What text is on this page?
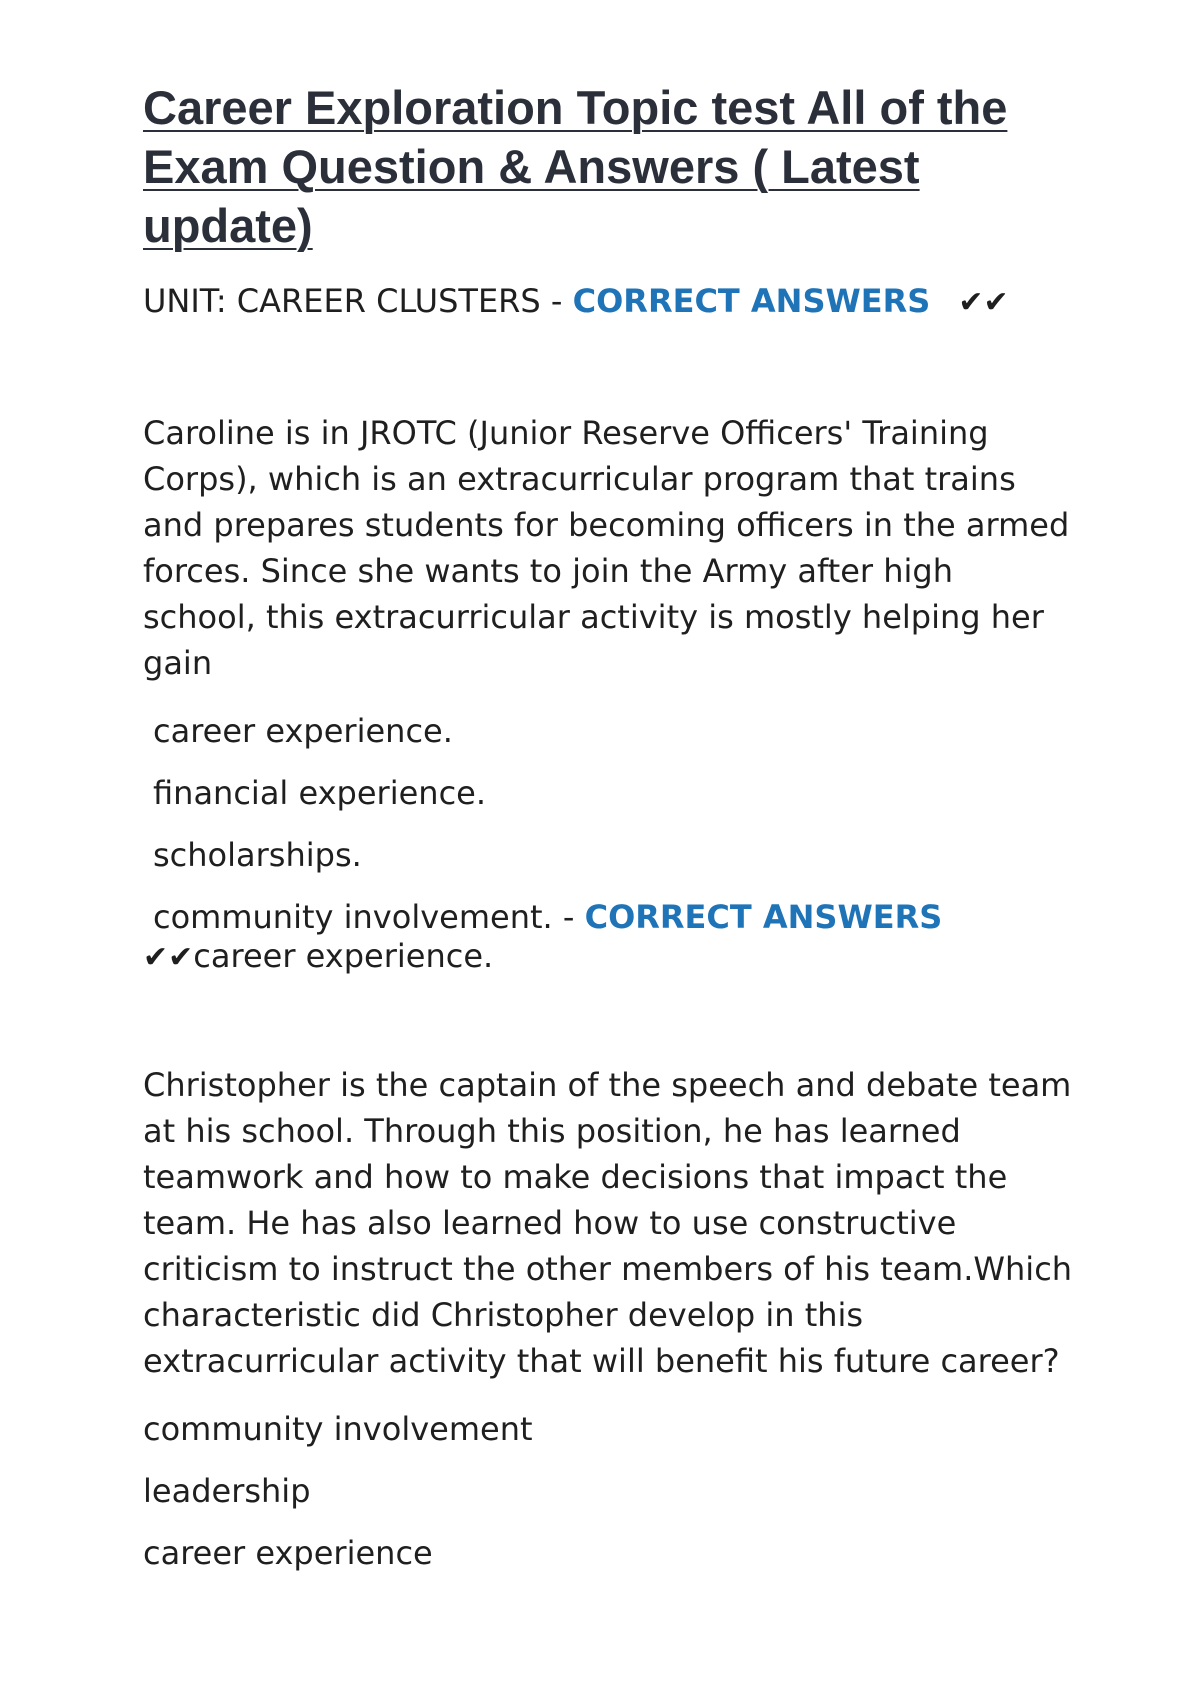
Career Exploration Topic test All of the Exam Question & Answers ( Latest update)
UNIT: CAREER CLUSTERS - CORRECT ANSWERS ✔✔

Caroline is in JROTC (Junior Reserve Officers' Training Corps), which is an extracurricular program that trains and prepares students for becoming officers in the armed forces. Since she wants to join the Army after high school, this extracurricular activity is mostly helping her gain

career experience.
financial experience.
scholarships.
community involvement. - CORRECT ANSWERS
✔✔career experience.

Christopher is the captain of the speech and debate team at his school. Through this position, he has learned teamwork and how to make decisions that impact the team. He has also learned how to use constructive criticism to instruct the other members of his team.Which characteristic did Christopher develop in this extracurricular activity that will benefit his future career?

community involvement
leadership
career experience
